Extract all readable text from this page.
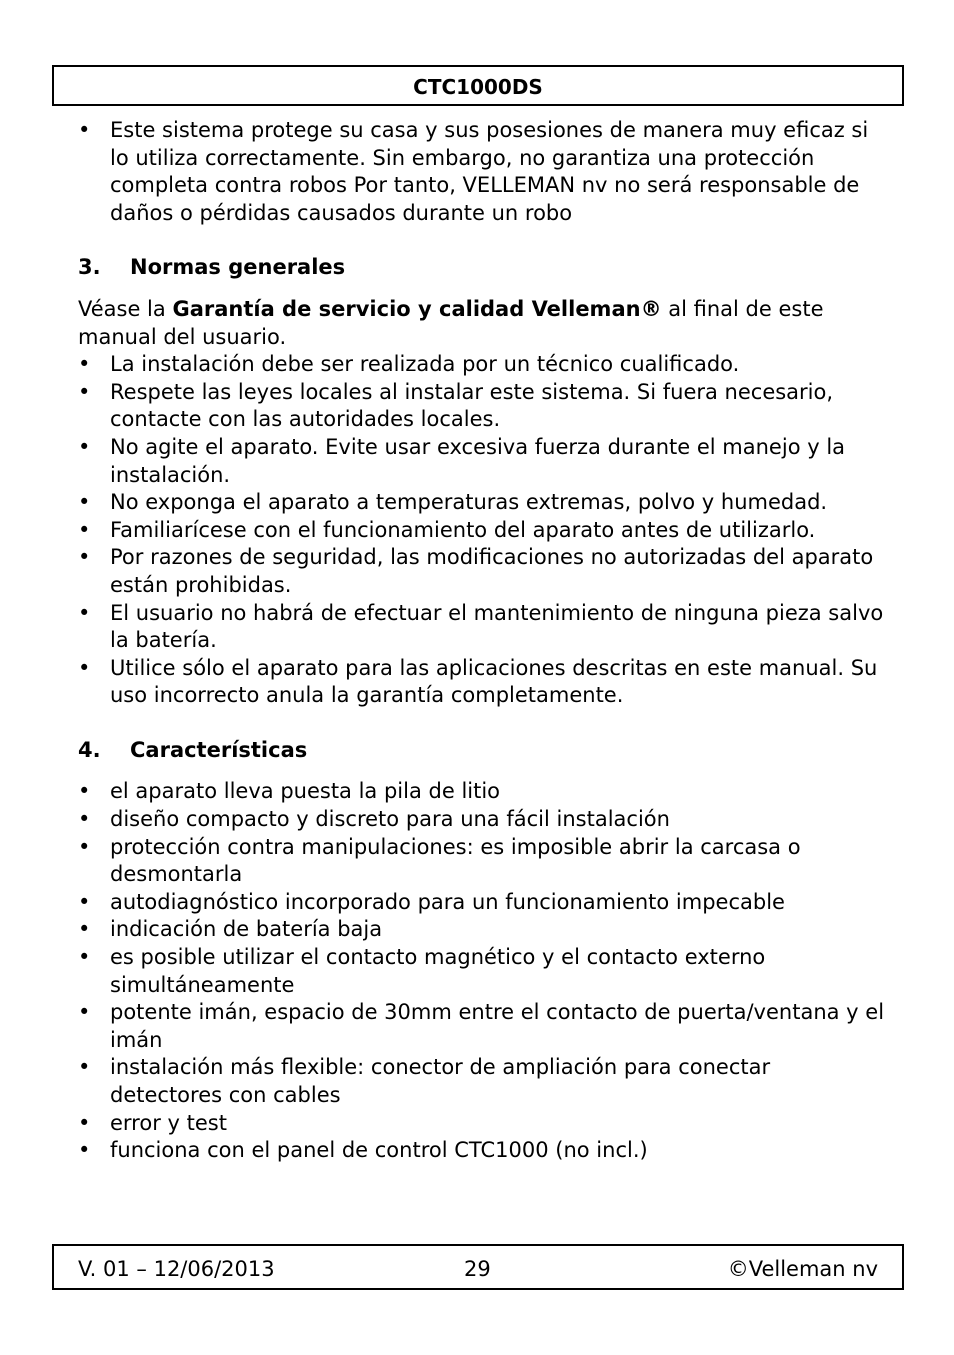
CTC1000DS
• Este sistema protege su casa y sus posesiones de manera muy eficaz si lo utiliza correctamente. Sin embargo, no garantiza una protección completa contra robos Por tanto, VELLEMAN nv no será responsable de daños o pérdidas causados durante un robo
3. Normas generales

Véase la Garantía de servicio y calidad Velleman® al final de este manual del usuario.

• La instalación debe ser realizada por un técnico cualificado.
• Respete las leyes locales al instalar este sistema. Si fuera necesario, contacte con las autoridades locales.
• No agite el aparato. Evite usar excesiva fuerza durante el manejo y la instalación.
• No exponga el aparato a temperaturas extremas, polvo y humedad.
• Familiarícese con el funcionamiento del aparato antes de utilizarlo.
• Por razones de seguridad, las modificaciones no autorizadas del aparato están prohibidas.
• El usuario no habrá de efectuar el mantenimiento de ninguna pieza salvo la batería.
• Utilice sólo el aparato para las aplicaciones descritas en este manual. Su uso incorrecto anula la garantía completamente.
4. Características
• el aparato lleva puesta la pila de litio
• diseño compacto y discreto para una fácil instalación
• protección contra manipulaciones: es imposible abrir la carcasa o desmontarla
• autodiagnóstico incorporado para un funcionamiento impecable
• indicación de batería baja
• es posible utilizar el contacto magnético y el contacto externo simultáneamente
• potente imán, espacio de 30mm entre el contacto de puerta/ventana y el imán
• instalación más flexible: conector de ampliación para conectar detectores con cables
• error y test
• funciona con el panel de control CTC1000 (no incl.)
V. 01 – 12/06/2013	29	©Velleman nv
